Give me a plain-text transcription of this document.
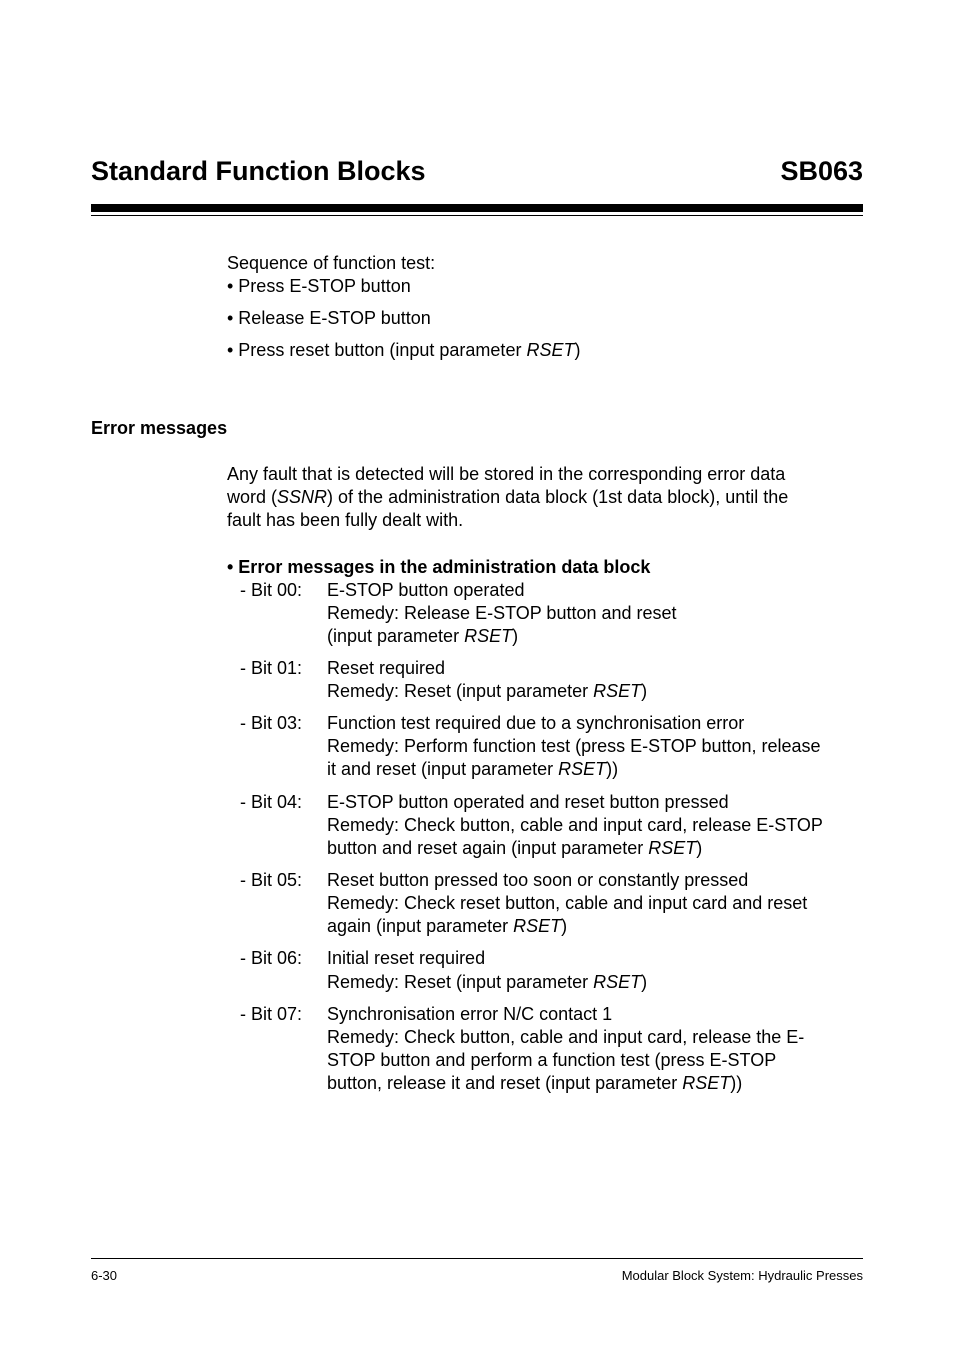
Standard Function Blocks	SB063
Sequence of function test:
• Press E-STOP button
• Release E-STOP button
• Press reset button (input parameter RSET)
Error messages
Any fault that is detected will be stored in the corresponding error data
word (SSNR) of the administration data block (1st data block), until the
fault has been fully dealt with.
• Error messages in the administration data block
- Bit 00: E-STOP button operated
Remedy: Release E-STOP button and reset
(input parameter RSET)
- Bit 01: Reset required
Remedy: Reset (input parameter RSET)
- Bit 03: Function test required due to a synchronisation error
Remedy: Perform function test (press E-STOP button, release
it and reset (input parameter RSET))
- Bit 04: E-STOP button operated and reset button pressed
Remedy: Check button, cable and input card, release E-STOP
button and reset again (input parameter RSET)
- Bit 05: Reset button pressed too soon or constantly pressed
Remedy: Check reset button, cable and input card and reset
again (input parameter RSET)
- Bit 06: Initial reset required
Remedy: Reset (input parameter RSET)
- Bit 07: Synchronisation error N/C contact 1
Remedy: Check button, cable and input card, release the E-
STOP button and perform a function test (press E-STOP
button, release it and reset (input parameter RSET))
6-30	Modular Block System: Hydraulic Presses
